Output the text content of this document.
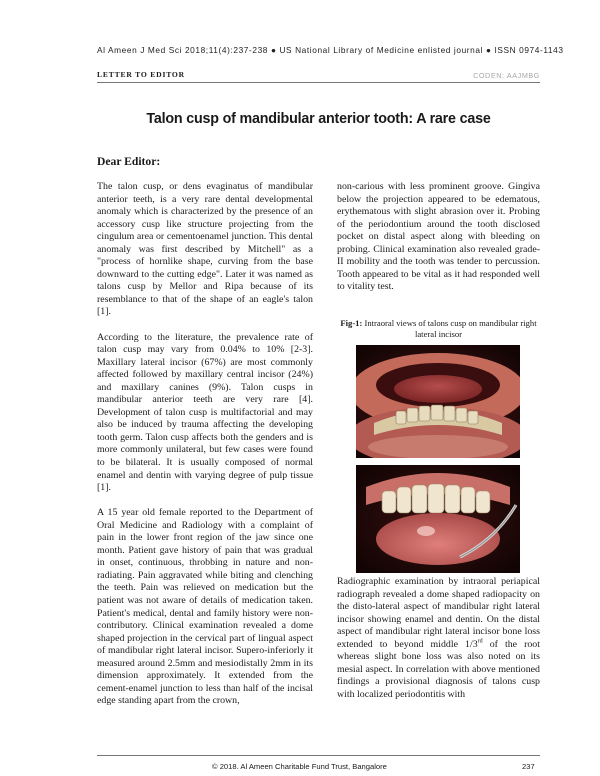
Al Ameen J Med Sci 2018;11(4):237-238 ● US National Library of Medicine enlisted journal ● ISSN 0974-1143
LETTER TO EDITOR	CODEN: AAJMBG
Talon cusp of mandibular anterior tooth: A rare case
Dear Editor:

The talon cusp, or dens evaginatus of mandibular anterior teeth, is a very rare dental developmental anomaly which is characterized by the presence of an accessory cusp like structure projecting from the cingulum area or cementoenamel junction. This dental anomaly was first described by Mitchell" as a "process of hornlike shape, curving from the base downward to the cutting edge". Later it was named as talons cusp by Mellor and Ripa because of its resemblance to that of the shape of an eagle's talon [1].

According to the literature, the prevalence rate of talon cusp may vary from 0.04% to 10% [2-3]. Maxillary lateral incisor (67%) are most commonly affected followed by maxillary central incisor (24%) and maxillary canines (9%). Talon cusps in mandibular anterior teeth are very rare [4]. Development of talon cusp is multifactorial and may also be induced by trauma affecting the developing tooth germ. Talon cusp affects both the genders and is more commonly unilateral, but few cases were found to be bilateral. It is usually composed of normal enamel and dentin with varying degree of pulp tissue [1].

A 15 year old female reported to the Department of Oral Medicine and Radiology with a complaint of pain in the lower front region of the jaw since one month. Patient gave history of pain that was gradual in onset, continuous, throbbing in nature and non-radiating. Pain aggravated while biting and clenching the teeth. Pain was relieved on medication but the patient was not aware of details of medication taken. Patient's medical, dental and family history were non-contributory. Clinical examination revealed a dome shaped projection in the cervical part of lingual aspect of mandibular right lateral incisor. Supero-inferiorly it measured around 2.5mm and mesiodistally 2mm in its dimension approximately. It extended from the cement-enamel junction to less than half of the incisal edge standing apart from the crown,

non-carious with less prominent groove. Gingiva below the projection appeared to be edematous, erythematous with slight abrasion over it. Probing of the periodontium around the tooth disclosed pocket on distal aspect along with bleeding on probing. Clinical examination also revealed grade-II mobility and the tooth was tender to percussion. Tooth appeared to be vital as it had responded well to vitality test.

Fig-1: Intraoral views of talons cusp on mandibular right lateral incisor

Radiographic examination by intraoral periapical radiograph revealed a dome shaped radiopacity on the disto-lateral aspect of mandibular right lateral incisor showing enamel and dentin. On the distal aspect of mandibular right lateral incisor bone loss extended to beyond middle 1/3rd of the root whereas slight bone loss was also noted on its mesial aspect. In correlation with above mentioned findings a provisional diagnosis of talons cusp with localized periodontitis with

© 2018. Al Ameen Charitable Fund Trust, Bangalore	237
